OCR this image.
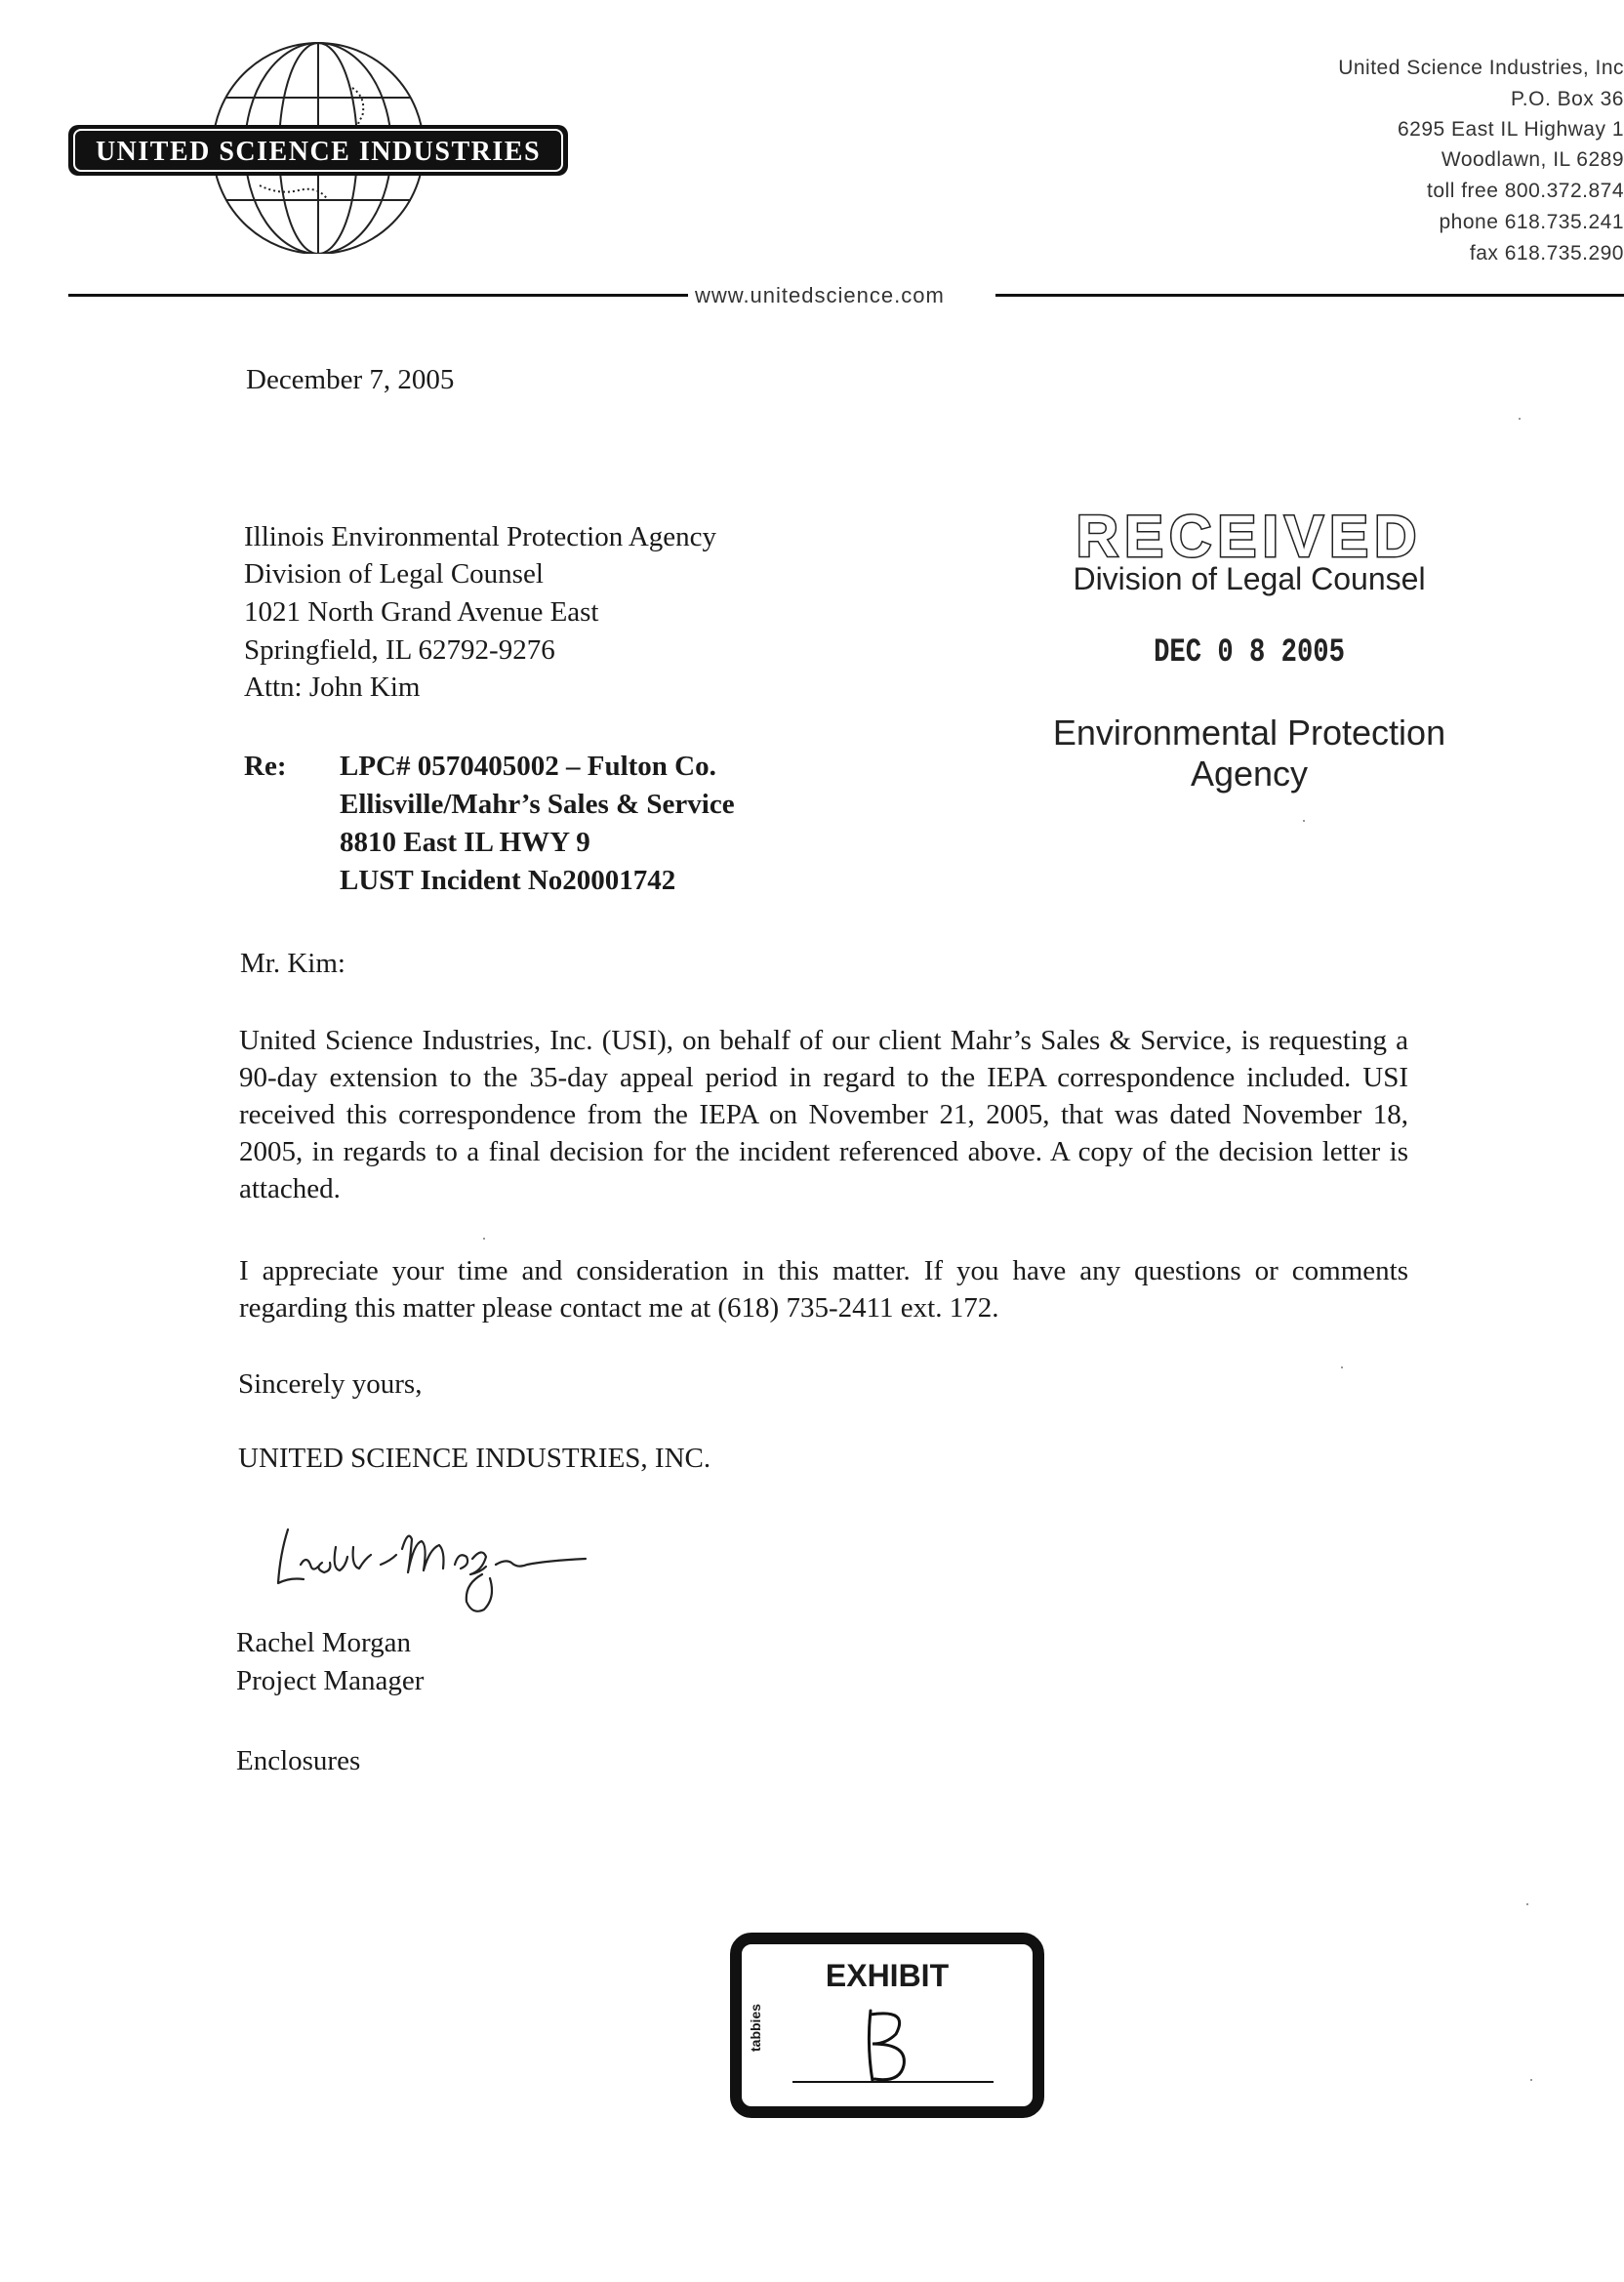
UNITED SCIENCE INDUSTRIES
United Science Industries, Inc
P.O. Box 36
6295 East IL Highway 1
Woodlawn, IL 6289
toll free 800.372.874
phone 618.735.241
fax 618.735.290
www.unitedscience.com
December 7, 2005
Illinois Environmental Protection Agency
Division of Legal Counsel
1021 North Grand Avenue East
Springfield, IL 62792-9276
Attn: John Kim
Re: LPC# 0570405002 – Fulton Co.
Ellisville/Mahr’s Sales & Service
8810 East IL HWY 9
LUST Incident No20001742
RECEIVED
Division of Legal Counsel
DEC 0 8 2005
Environmental Protection
Agency
Mr. Kim:
United Science Industries, Inc. (USI), on behalf of our client Mahr’s Sales & Service, is requesting a 90-day extension to the 35-day appeal period in regard to the IEPA correspondence included. USI received this correspondence from the IEPA on November 21, 2005, that was dated November 18, 2005, in regards to a final decision for the incident referenced above. A copy of the decision letter is attached.
I appreciate your time and consideration in this matter. If you have any questions or comments regarding this matter please contact me at (618) 735-2411 ext. 172.
Sincerely yours,
UNITED SCIENCE INDUSTRIES, INC.
Rachel Morgan
Project Manager
Enclosures
EXHIBIT
tabbies
